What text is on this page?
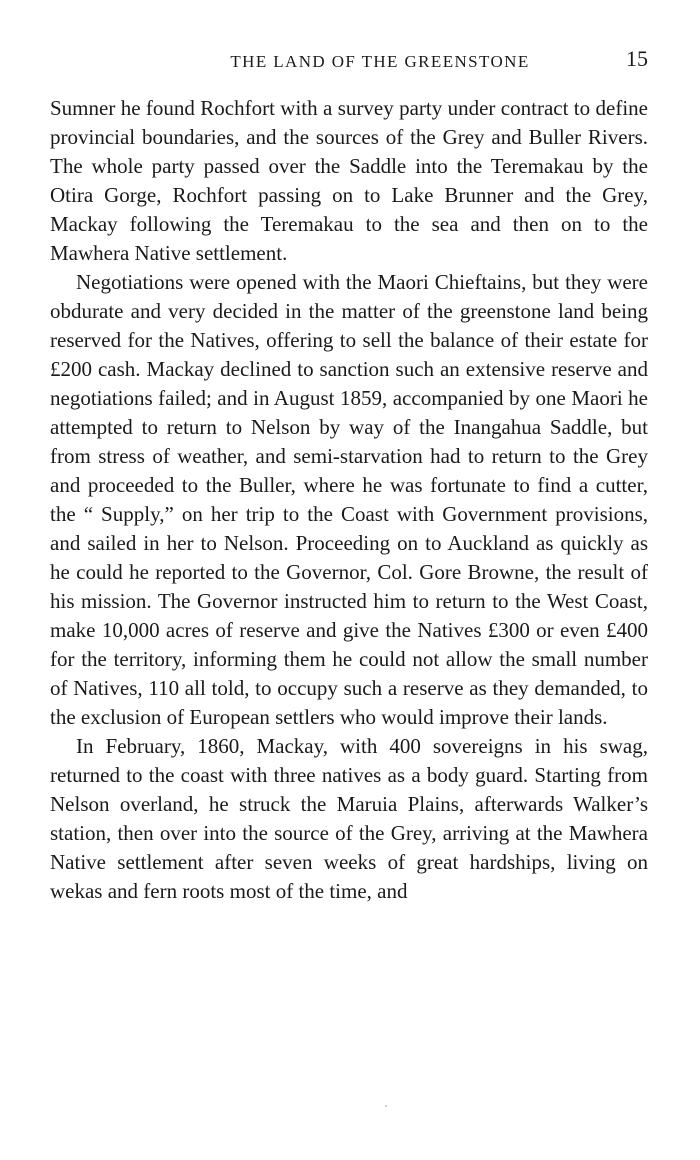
THE LAND OF THE GREENSTONE	15

Sumner he found Rochfort with a survey party under contract to define provincial boundaries, and the sources of the Grey and Buller Rivers. The whole party passed over the Saddle into the Teremakau by the Otira Gorge, Rochfort passing on to Lake Brunner and the Grey, Mackay following the Teremakau to the sea and then on to the Mawhera Native settlement.

Negotiations were opened with the Maori Chieftains, but they were obdurate and very decided in the matter of the greenstone land being reserved for the Natives, offering to sell the balance of their estate for £200 cash. Mackay declined to sanction such an extensive reserve and negotiations failed; and in August 1859, accompanied by one Maori he attempted to return to Nelson by way of the Inangahua Saddle, but from stress of weather, and semi-starvation had to return to the Grey and proceeded to the Buller, where he was fortunate to find a cutter, the “ Supply,” on her trip to the Coast with Government provisions, and sailed in her to Nelson. Proceeding on to Auckland as quickly as he could he reported to the Governor, Col. Gore Browne, the result of his mission. The Governor instructed him to return to the West Coast, make 10,000 acres of reserve and give the Natives £300 or even £400 for the territory, informing them he could not allow the small number of Natives, 110 all told, to occupy such a reserve as they demanded, to the exclusion of European settlers who would improve their lands.

In February, 1860, Mackay, with 400 sovereigns in his swag, returned to the coast with three natives as a body guard. Starting from Nelson overland, he struck the Maruia Plains, afterwards Walker’s station, then over into the source of the Grey, arriving at the Mawhera Native settlement after seven weeks of great hardships, living on wekas and fern roots most of the time, and
